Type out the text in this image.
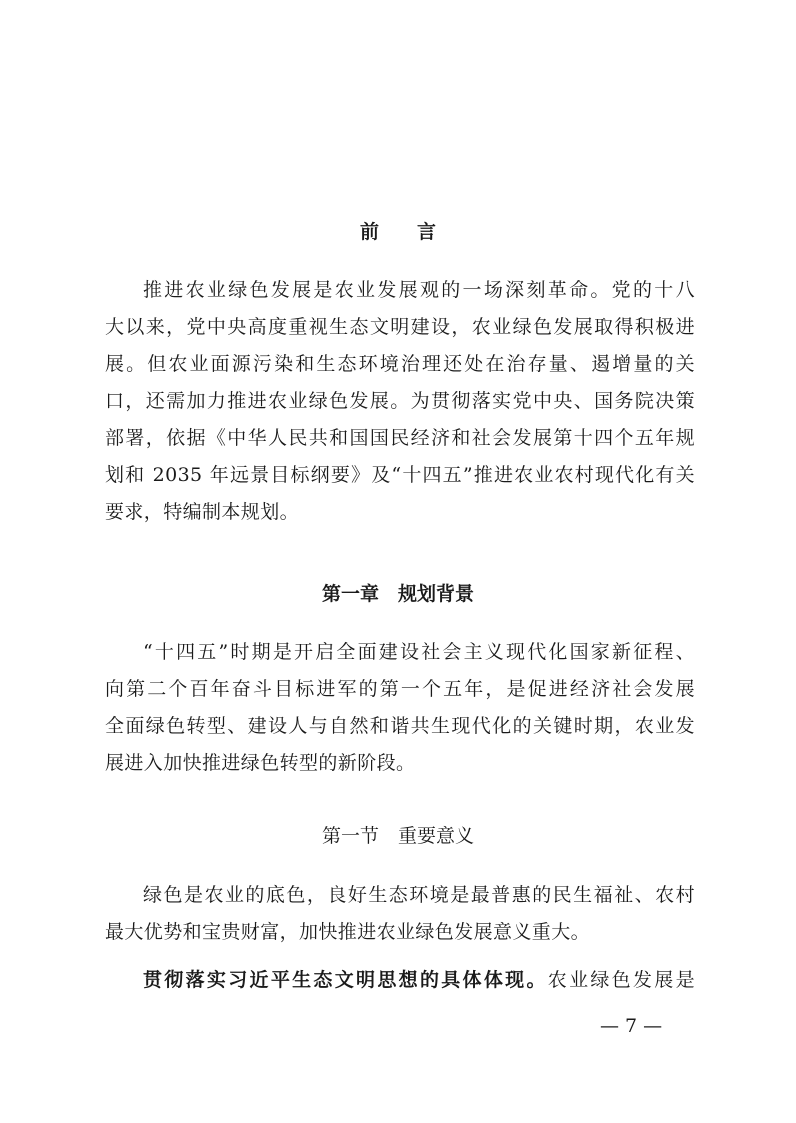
前　　言
推进农业绿色发展是农业发展观的一场深刻革命。党的十八
大以来，党中央高度重视生态文明建设，农业绿色发展取得积极进
展。但农业面源污染和生态环境治理还处在治存量、遏增量的关
口，还需加力推进农业绿色发展。为贯彻落实党中央、国务院决策
部署，依据《中华人民共和国国民经济和社会发展第十四个五年规
划和 2035 年远景目标纲要》及“十四五”推进农业农村现代化有关
要求，特编制本规划。
第一章　规划背景
“十四五”时期是开启全面建设社会主义现代化国家新征程、
向第二个百年奋斗目标进军的第一个五年，是促进经济社会发展
全面绿色转型、建设人与自然和谐共生现代化的关键时期，农业发
展进入加快推进绿色转型的新阶段。
第一节　重要意义
绿色是农业的底色，良好生态环境是最普惠的民生福祉、农村
最大优势和宝贵财富，加快推进农业绿色发展意义重大。
贯彻落实习近平生态文明思想的具体体现。农业绿色发展是
— 7 —
